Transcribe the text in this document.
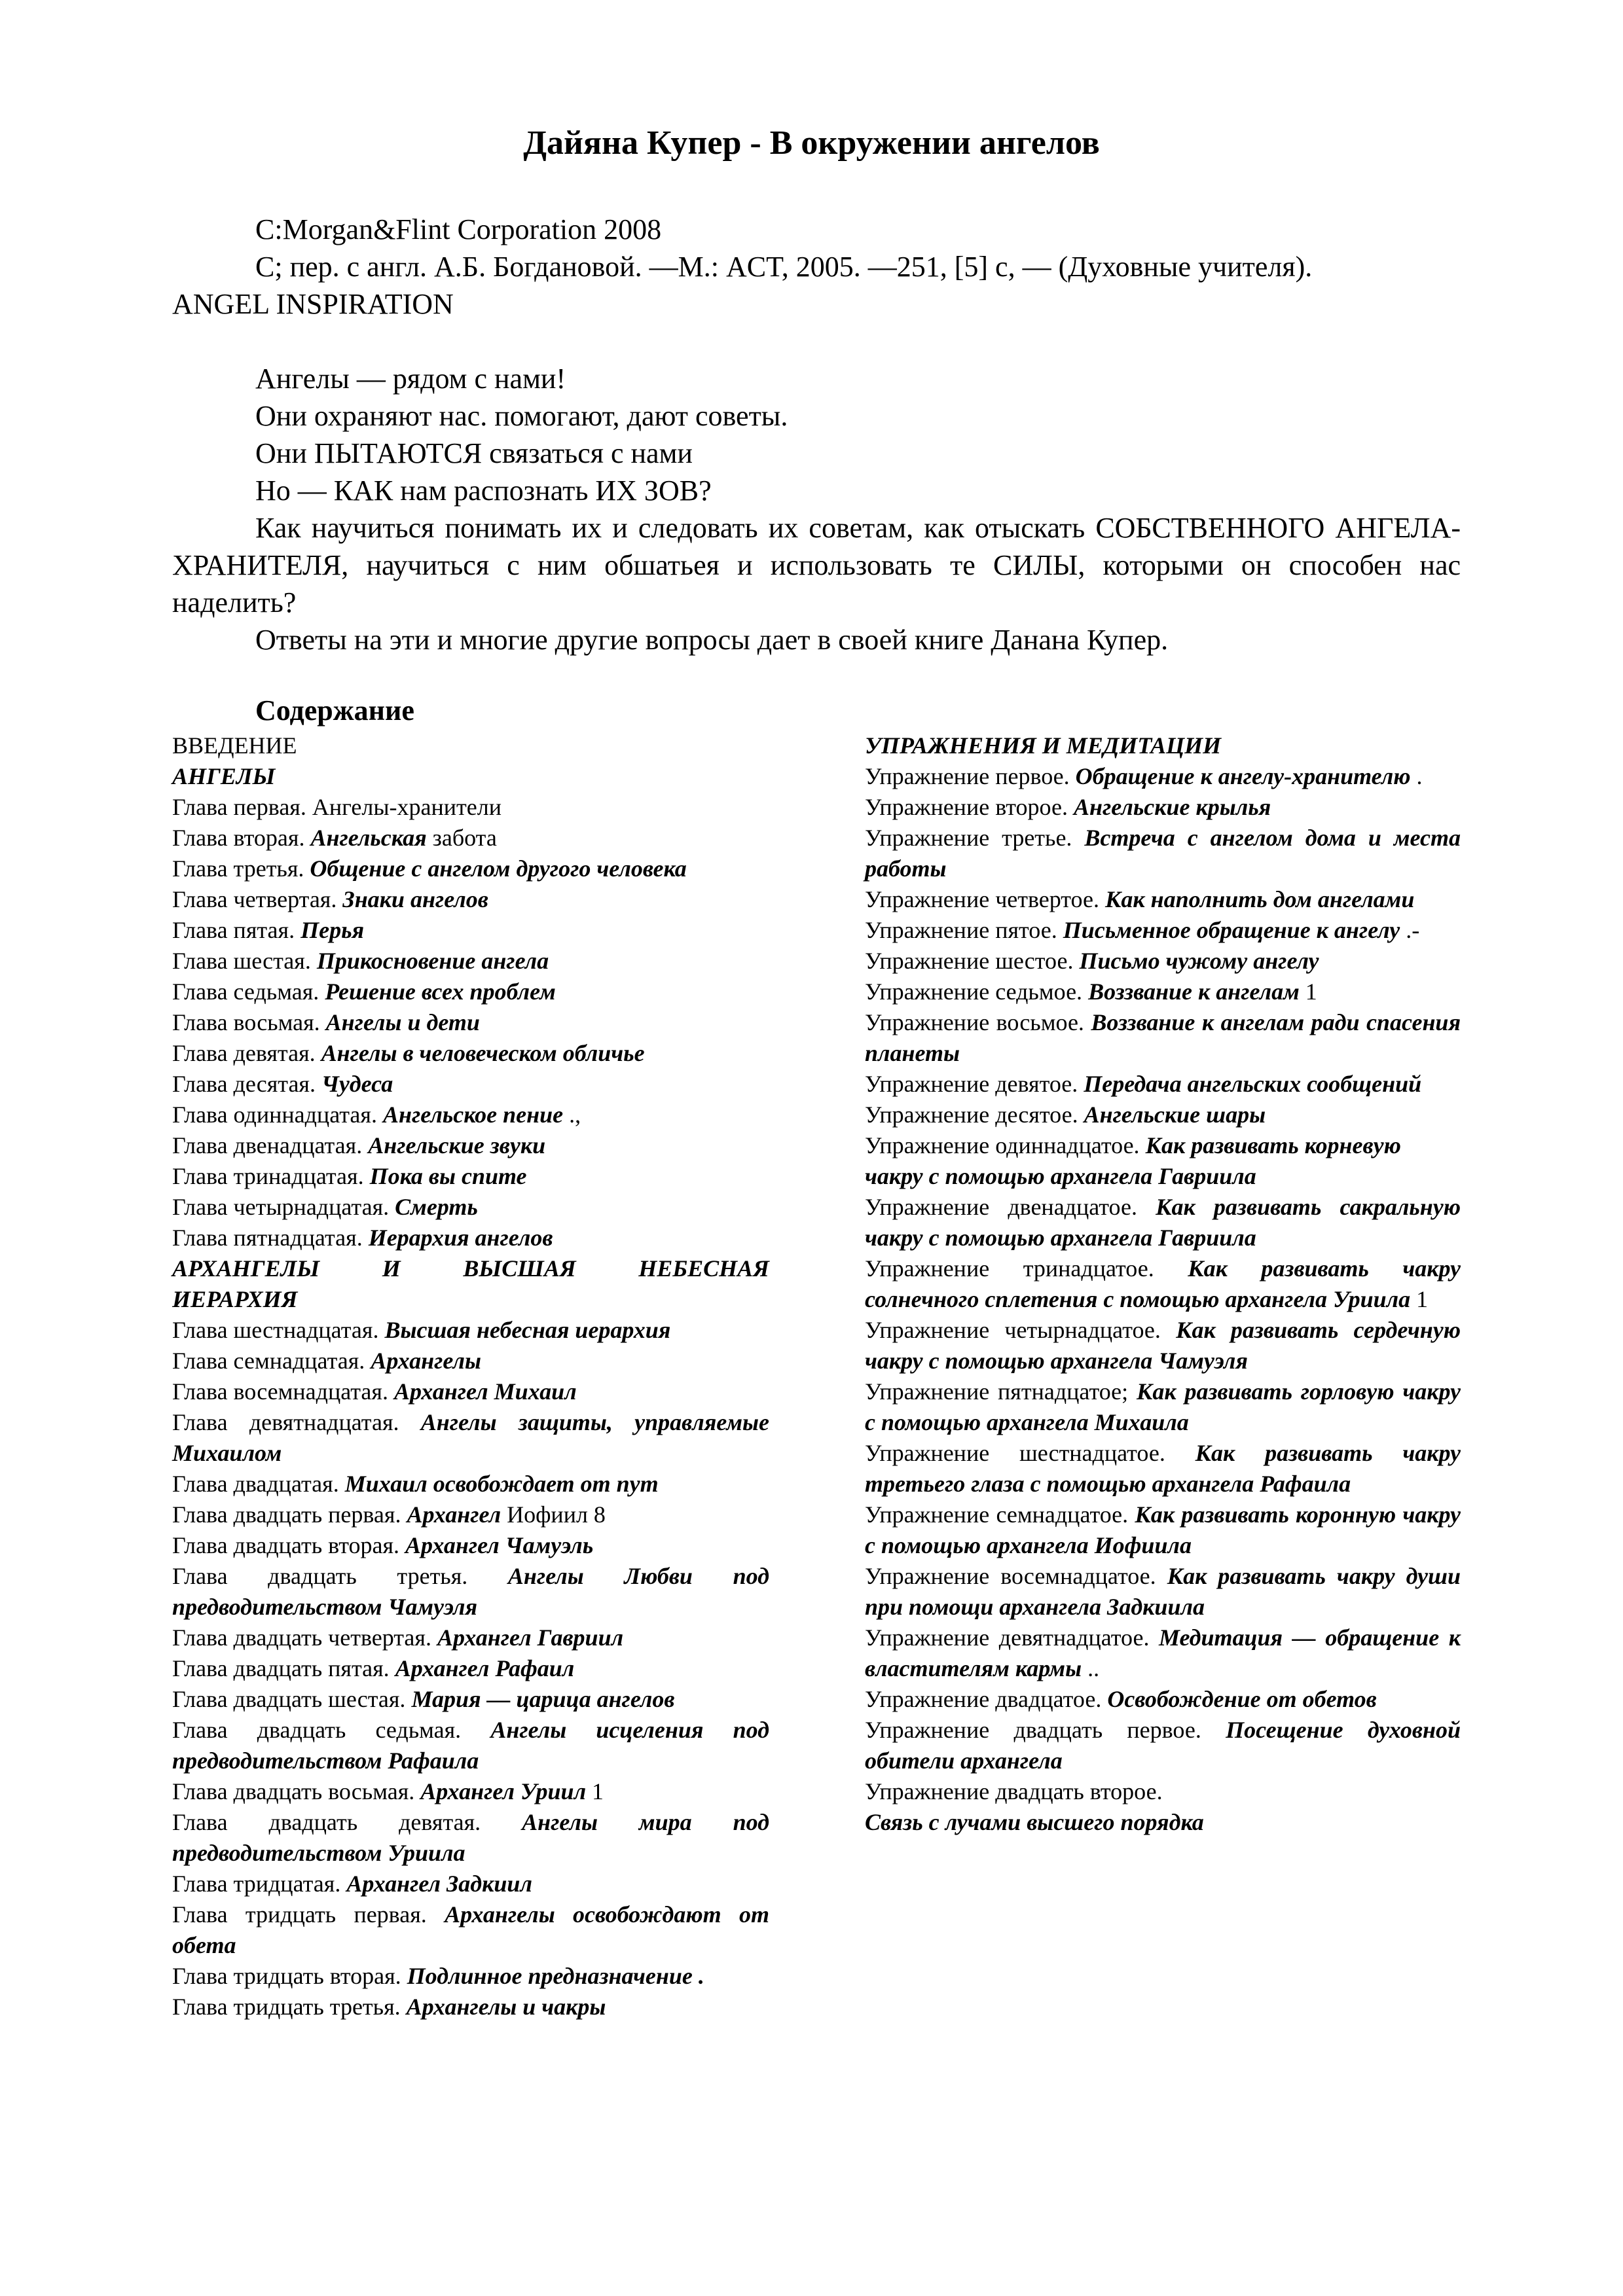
Дайяна Купер - В окружении ангелов

C:Morgan&Flint Corporation 2008

С; пер. с англ. А.Б. Богдановой. —М.: ACT, 2005. —251, [5] с, — (Духовные учителя).

ANGEL INSPIRATION

Ангелы — рядом с нами!

Они охраняют нас. помогают, дают советы.

Они ПЫТАЮТСЯ связаться с нами

Но — КАК нам распознать ИХ ЗОВ?

Как научиться понимать их и следовать их советам, как отыскать СОБСТВЕННОГО АНГЕЛА-ХРАНИТЕЛЯ, научиться с ним обшатьея и использовать те СИЛЫ, которыми он способен нас наделить?

Ответы на эти и многие другие вопросы дает в своей книге Данана Купер.

Содержание
ВВЕДЕНИЕ
АНГЕЛЫ
Глава первая. Ангелы-хранители
Глава вторая. Ангельская забота
Глава третья. Общение с ангелом другого человека
Глава четвертая. Знаки ангелов
Глава пятая. Перья
Глава шестая. Прикосновение ангела
Глава седьмая. Решение всех проблем
Глава восьмая. Ангелы и дети
Глава девятая. Ангелы в человеческом обличье
Глава десятая. Чудеса
Глава одиннадцатая. Ангельское пение .,
Глава двенадцатая. Ангельские звуки
Глава тринадцатая. Пока вы спите
Глава четырнадцатая. Смерть
Глава пятнадцатая. Иерархия ангелов
АРХАНГЕЛЫ И ВЫСШАЯ НЕБЕСНАЯ
ИЕРАРХИЯ
Глава шестнадцатая. Высшая небесная иерархия
Глава семнадцатая. Архангелы
Глава восемнадцатая. Архангел Михаил
Глава девятнадцатая. Ангелы защиты, управляемые Михаилом
Глава двадцатая. Михаил освобождает от пут
Глава двадцать первая. Архангел Иофиил 8
Глава двадцать вторая. Архангел Чамуэль
Глава двадцать третья. Ангелы Любви под предводительством Чамуэля
Глава двадцать четвертая. Архангел Гавриил
Глава двадцать пятая. Архангел Рафаил
Глава двадцать шестая. Мария — царица ангелов
Глава двадцать седьмая. Ангелы исцеления под предводительством Рафаила
Глава двадцать восьмая. Архангел Уриил 1
Глава двадцать девятая. Ангелы мира под предводительством Уриила
Глава тридцатая. Архангел Задкиил
Глава тридцать первая. Архангелы освобождают от обета
Глава тридцать вторая. Подлинное предназначение .
Глава тридцать третья. Архангелы и чакры
УПРАЖНЕНИЯ И МЕДИТАЦИИ
Упражнение первое. Обращение к ангелу-хранителю .
Упражнение второе. Ангельские крылья
Упражнение третье. Встреча с ангелом дома и места работы
Упражнение четвертое. Как наполнить дом ангелами
Упражнение пятое. Письменное обращение к ангелу .-
Упражнение шестое. Письмо чужому ангелу
Упражнение седьмое. Воззвание к ангелам 1
Упражнение восьмое. Воззвание к ангелам ради спасения планеты
Упражнение девятое. Передача ангельских сообщений
Упражнение десятое. Ангельские шары
Упражнение одиннадцатое. Как развивать корневую
чакру с помощью архангела Гавриила
Упражнение двенадцатое. Как развивать сакральную чакру с помощью архангела Гавриила
Упражнение тринадцатое. Как развивать чакру солнечного сплетения с помощью архангела Уриила 1
Упражнение четырнадцатое. Как развивать сердечную чакру с помощью архангела Чамуэля
Упражнение пятнадцатое; Как развивать горловую чакру с помощью архангела Михаила
Упражнение шестнадцатое. Как развивать чакру третьего глаза с помощью архангела Рафаила
Упражнение семнадцатое. Как развивать коронную чакру с помощью архангела Иофиила
Упражнение восемнадцатое. Как развивать чакру души при помощи архангела Задкиила
Упражнение девятнадцатое. Медитация — обращение к властителям кармы ..
Упражнение двадцатое. Освобождение от обетов
Упражнение двадцать первое. Посещение духовной обители архангела
Упражнение двадцать второе.
Связь с лучами высшего порядка
